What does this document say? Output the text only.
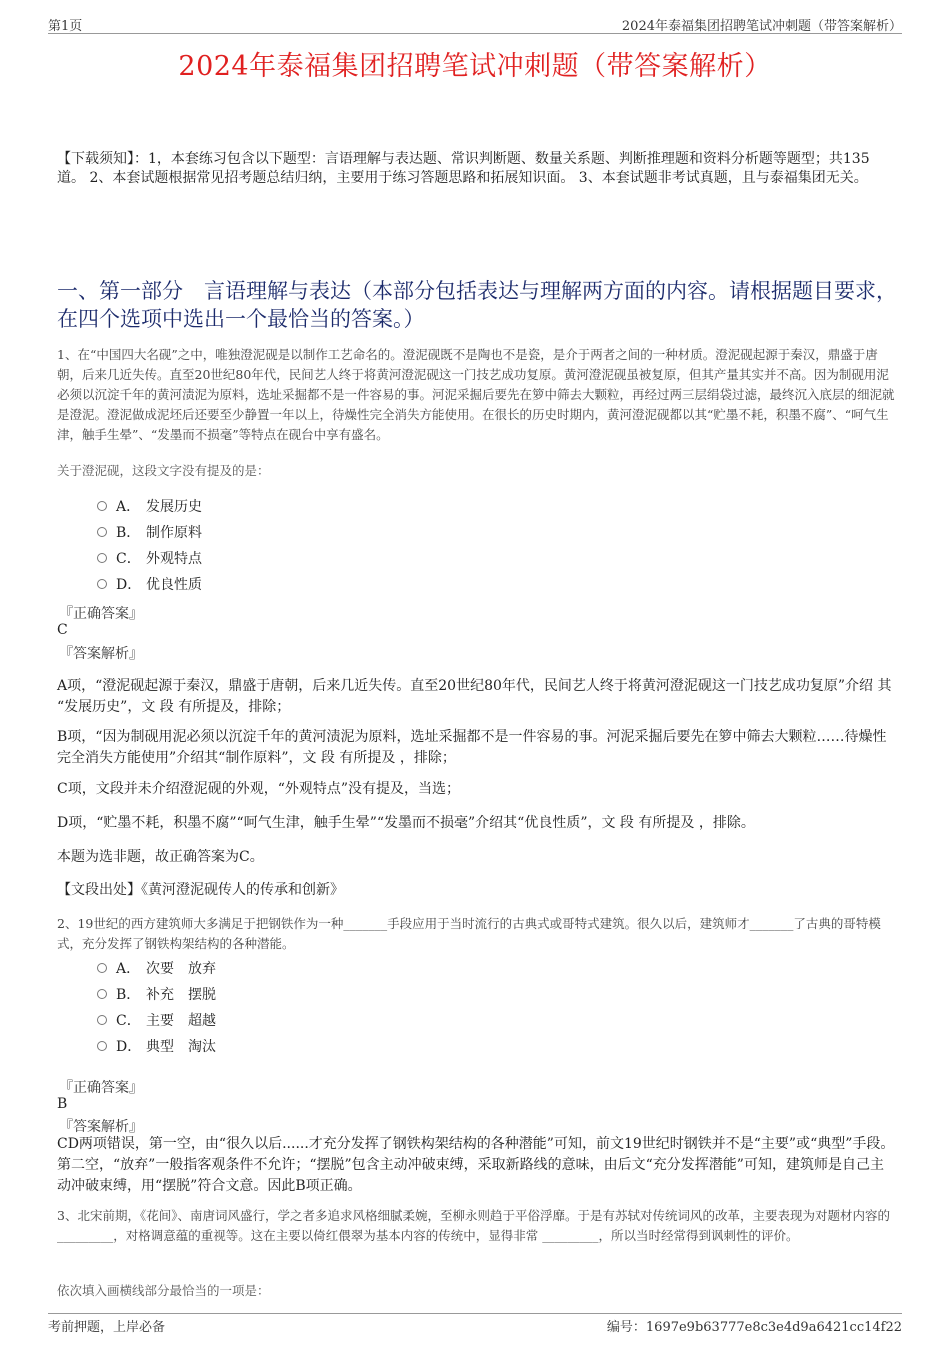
第1页	2024年泰福集团招聘笔试冲刺题（带答案解析）
2024年泰福集团招聘笔试冲刺题（带答案解析）
【下载须知】：1，本套练习包含以下题型：言语理解与表达题、常识判断题、数量关系题、判断推理题和资料分析题等题型；共135道。 2、本套试题根据常见招考题总结归纳，主要用于练习答题思路和拓展知识面。 3、本套试题非考试真题，且与泰福集团无关。
一、第一部分　言语理解与表达（本部分包括表达与理解两方面的内容。请根据题目要求，在四个选项中选出一个最恰当的答案。）
1、在“中国四大名砚”之中，唯独澄泥砚是以制作工艺命名的。澄泥砚既不是陶也不是瓷，是介于两者之间的一种材质。澄泥砚起源于秦汉，鼎盛于唐朝，后来几近失传。直至20世纪80年代，民间艺人终于将黄河澄泥砚这一门技艺成功复原。黄河澄泥砚虽被复原，但其产量其实并不高。因为制砚用泥必须以沉淀千年的黄河渍泥为原料，选址采掘都不是一件容易的事。河泥采掘后要先在箩中筛去大颗粒，再经过两三层绢袋过滤，最终沉入底层的细泥就是澄泥。澄泥做成泥坯后还要至少静置一年以上，待燥性完全消失方能使用。在很长的历史时期内，黄河澄泥砚都以其“贮墨不耗，积墨不腐”、“呵气生津，触手生晕”、“发墨而不损毫”等特点在砚台中享有盛名。
关于澄泥砚，这段文字没有提及的是：
A． 发展历史
B． 制作原料
C． 外观特点
D． 优良性质
『正确答案』
C
『答案解析』
A项，“澄泥砚起源于秦汉，鼎盛于唐朝，后来几近失传。直至20世纪80年代，民间艺人终于将黄河澄泥砚这一门技艺成功复原”介绍 其 “发展历史”，文 段 有所提及，排除；
B项，“因为制砚用泥必须以沉淀千年的黄河渍泥为原料，选址采掘都不是一件容易的事。河泥采掘后要先在箩中筛去大颗粒……待燥性完全消失方能使用”介绍其“制作原料”，文 段 有所提及 ，排除；
C项，文段并未介绍澄泥砚的外观，“外观特点”没有提及，当选；
D项，“贮墨不耗，积墨不腐”“呵气生津，触手生晕”“发墨而不损毫”介绍其“优良性质”，文 段 有所提及 ，排除。
本题为选非题，故正确答案为C。
【文段出处】《黄河澄泥砚传人的传承和创新》
2、19世纪的西方建筑师大多满足于把钢铁作为一种_______手段应用于当时流行的古典式或哥特式建筑。很久以后，建筑师才_______了古典的哥特模式，充分发挥了钢铁构架结构的各种潜能。
A． 次要　放弃
B． 补充　摆脱
C． 主要　超越
D． 典型　淘汰
『正确答案』
B
『答案解析』
CD两项错误，第一空，由“很久以后......才充分发挥了钢铁构架结构的各种潜能”可知，前文19世纪时钢铁并不是“主要”或“典型”手段。第二空，“放弃”一般指客观条件不允许；“摆脱”包含主动冲破束缚，采取新路线的意味，由后文“充分发挥潜能”可知，建筑师是自己主动冲破束缚，用“摆脱”符合文意。因此B项正确。
3、北宋前期，《花间》、南唐词风盛行，学之者多追求风格细腻柔婉，至柳永则趋于平俗浮靡。于是有苏轼对传统词风的改革，主要表现为对题材内容的 _________，对格调意蕴的重视等。这在主要以倚红偎翠为基本内容的传统中，显得非常 _________，所以当时经常得到讽刺性的评价。
依次填入画横线部分最恰当的一项是：
考前押题，上岸必备	编号：1697e9b63777e8c3e4d9a6421cc14f22
